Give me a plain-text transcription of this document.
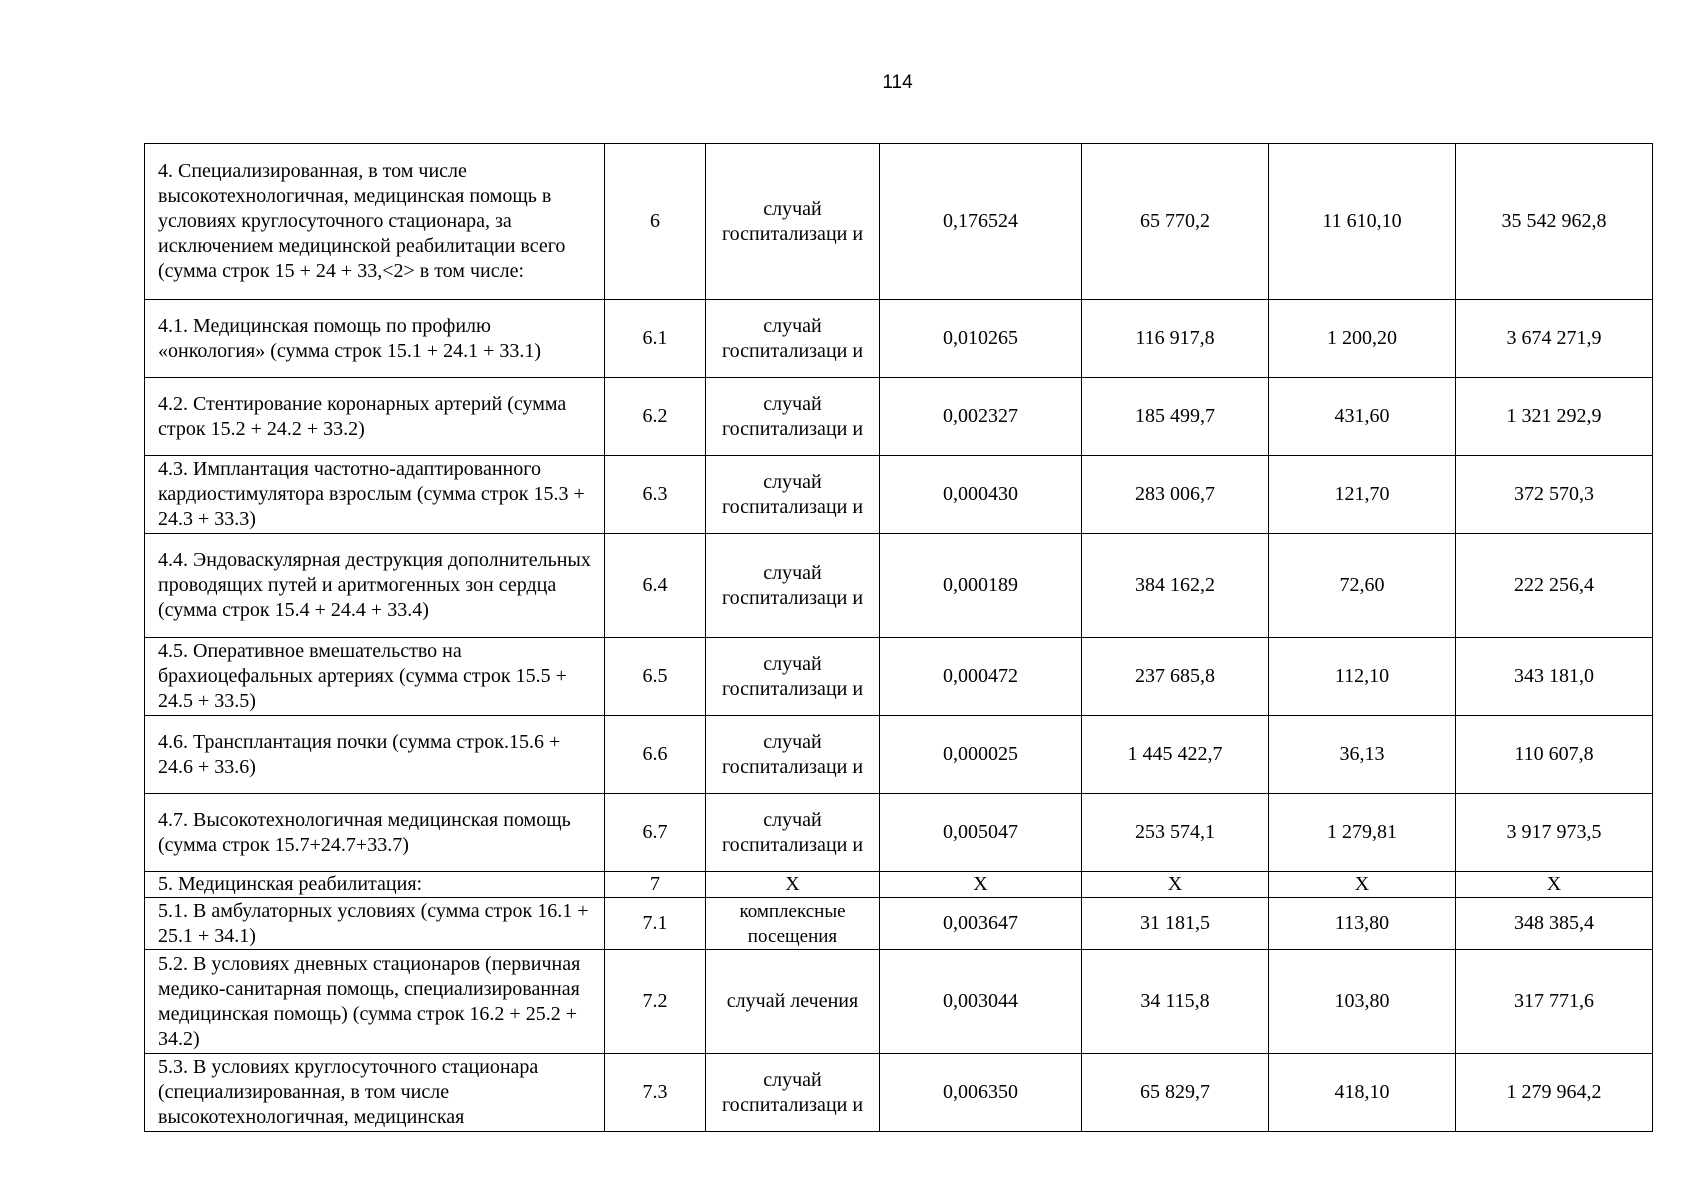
114
4. Специализированная, в том числе высокотехнологичная, медицинская помощь в условиях круглосуточного стационара, за исключением медицинской реабилитации всего (сумма строк 15 + 24 + 33,<2> в том числе:	6	случай госпитализаци и	0,176524	65 770,2	11 610,10	35 542 962,8

4.1. Медицинская помощь по профилю «онкология» (сумма строк 15.1 + 24.1 + 33.1)	6.1	случай госпитализаци и	0,010265	116 917,8	1 200,20	3 674 271,9

4.2. Стентирование коронарных артерий (сумма строк 15.2 + 24.2 + 33.2)	6.2	случай госпитализаци и	0,002327	185 499,7	431,60	1 321 292,9

4.3. Имплантация частотно-адаптированного кардиостимулятора взрослым (сумма строк 15.3 + 24.3 + 33.3)	6.3	случай госпитализаци и	0,000430	283 006,7	121,70	372 570,3

4.4. Эндоваскулярная деструкция дополнительных проводящих путей и аритмогенных зон сердца (сумма строк 15.4 + 24.4 + 33.4)	6.4	случай госпитализаци и	0,000189	384 162,2	72,60	222 256,4

4.5. Оперативное вмешательство на брахиоцефальных артериях (сумма строк 15.5 + 24.5 + 33.5)	6.5	случай госпитализаци и	0,000472	237 685,8	112,10	343 181,0

4.6. Трансплантация почки (сумма строк.15.6 + 24.6 + 33.6)	6.6	случай госпитализаци и	0,000025	1 445 422,7	36,13	110 607,8

4.7. Высокотехнологичная медицинская помощь (сумма строк 15.7+24.7+33.7)	6.7	случай госпитализаци и	0,005047	253 574,1	1 279,81	3 917 973,5

5. Медицинская реабилитация:	7	Х	Х	Х	Х	Х

5.1. В амбулаторных условиях (сумма строк 16.1 + 25.1 + 34.1)	7.1	комплексные посещения	0,003647	31 181,5	113,80	348 385,4

5.2. В условиях дневных стационаров (первичная медико-санитарная помощь, специализированная медицинская помощь) (сумма строк 16.2 + 25.2 + 34.2)	7.2	случай лечения	0,003044	34 115,8	103,80	317 771,6

5.3. В условиях круглосуточного стационара (специализированная, в том числе высокотехнологичная, медицинская	7.3	случай госпитализаци и	0,006350	65 829,7	418,10	1 279 964,2
